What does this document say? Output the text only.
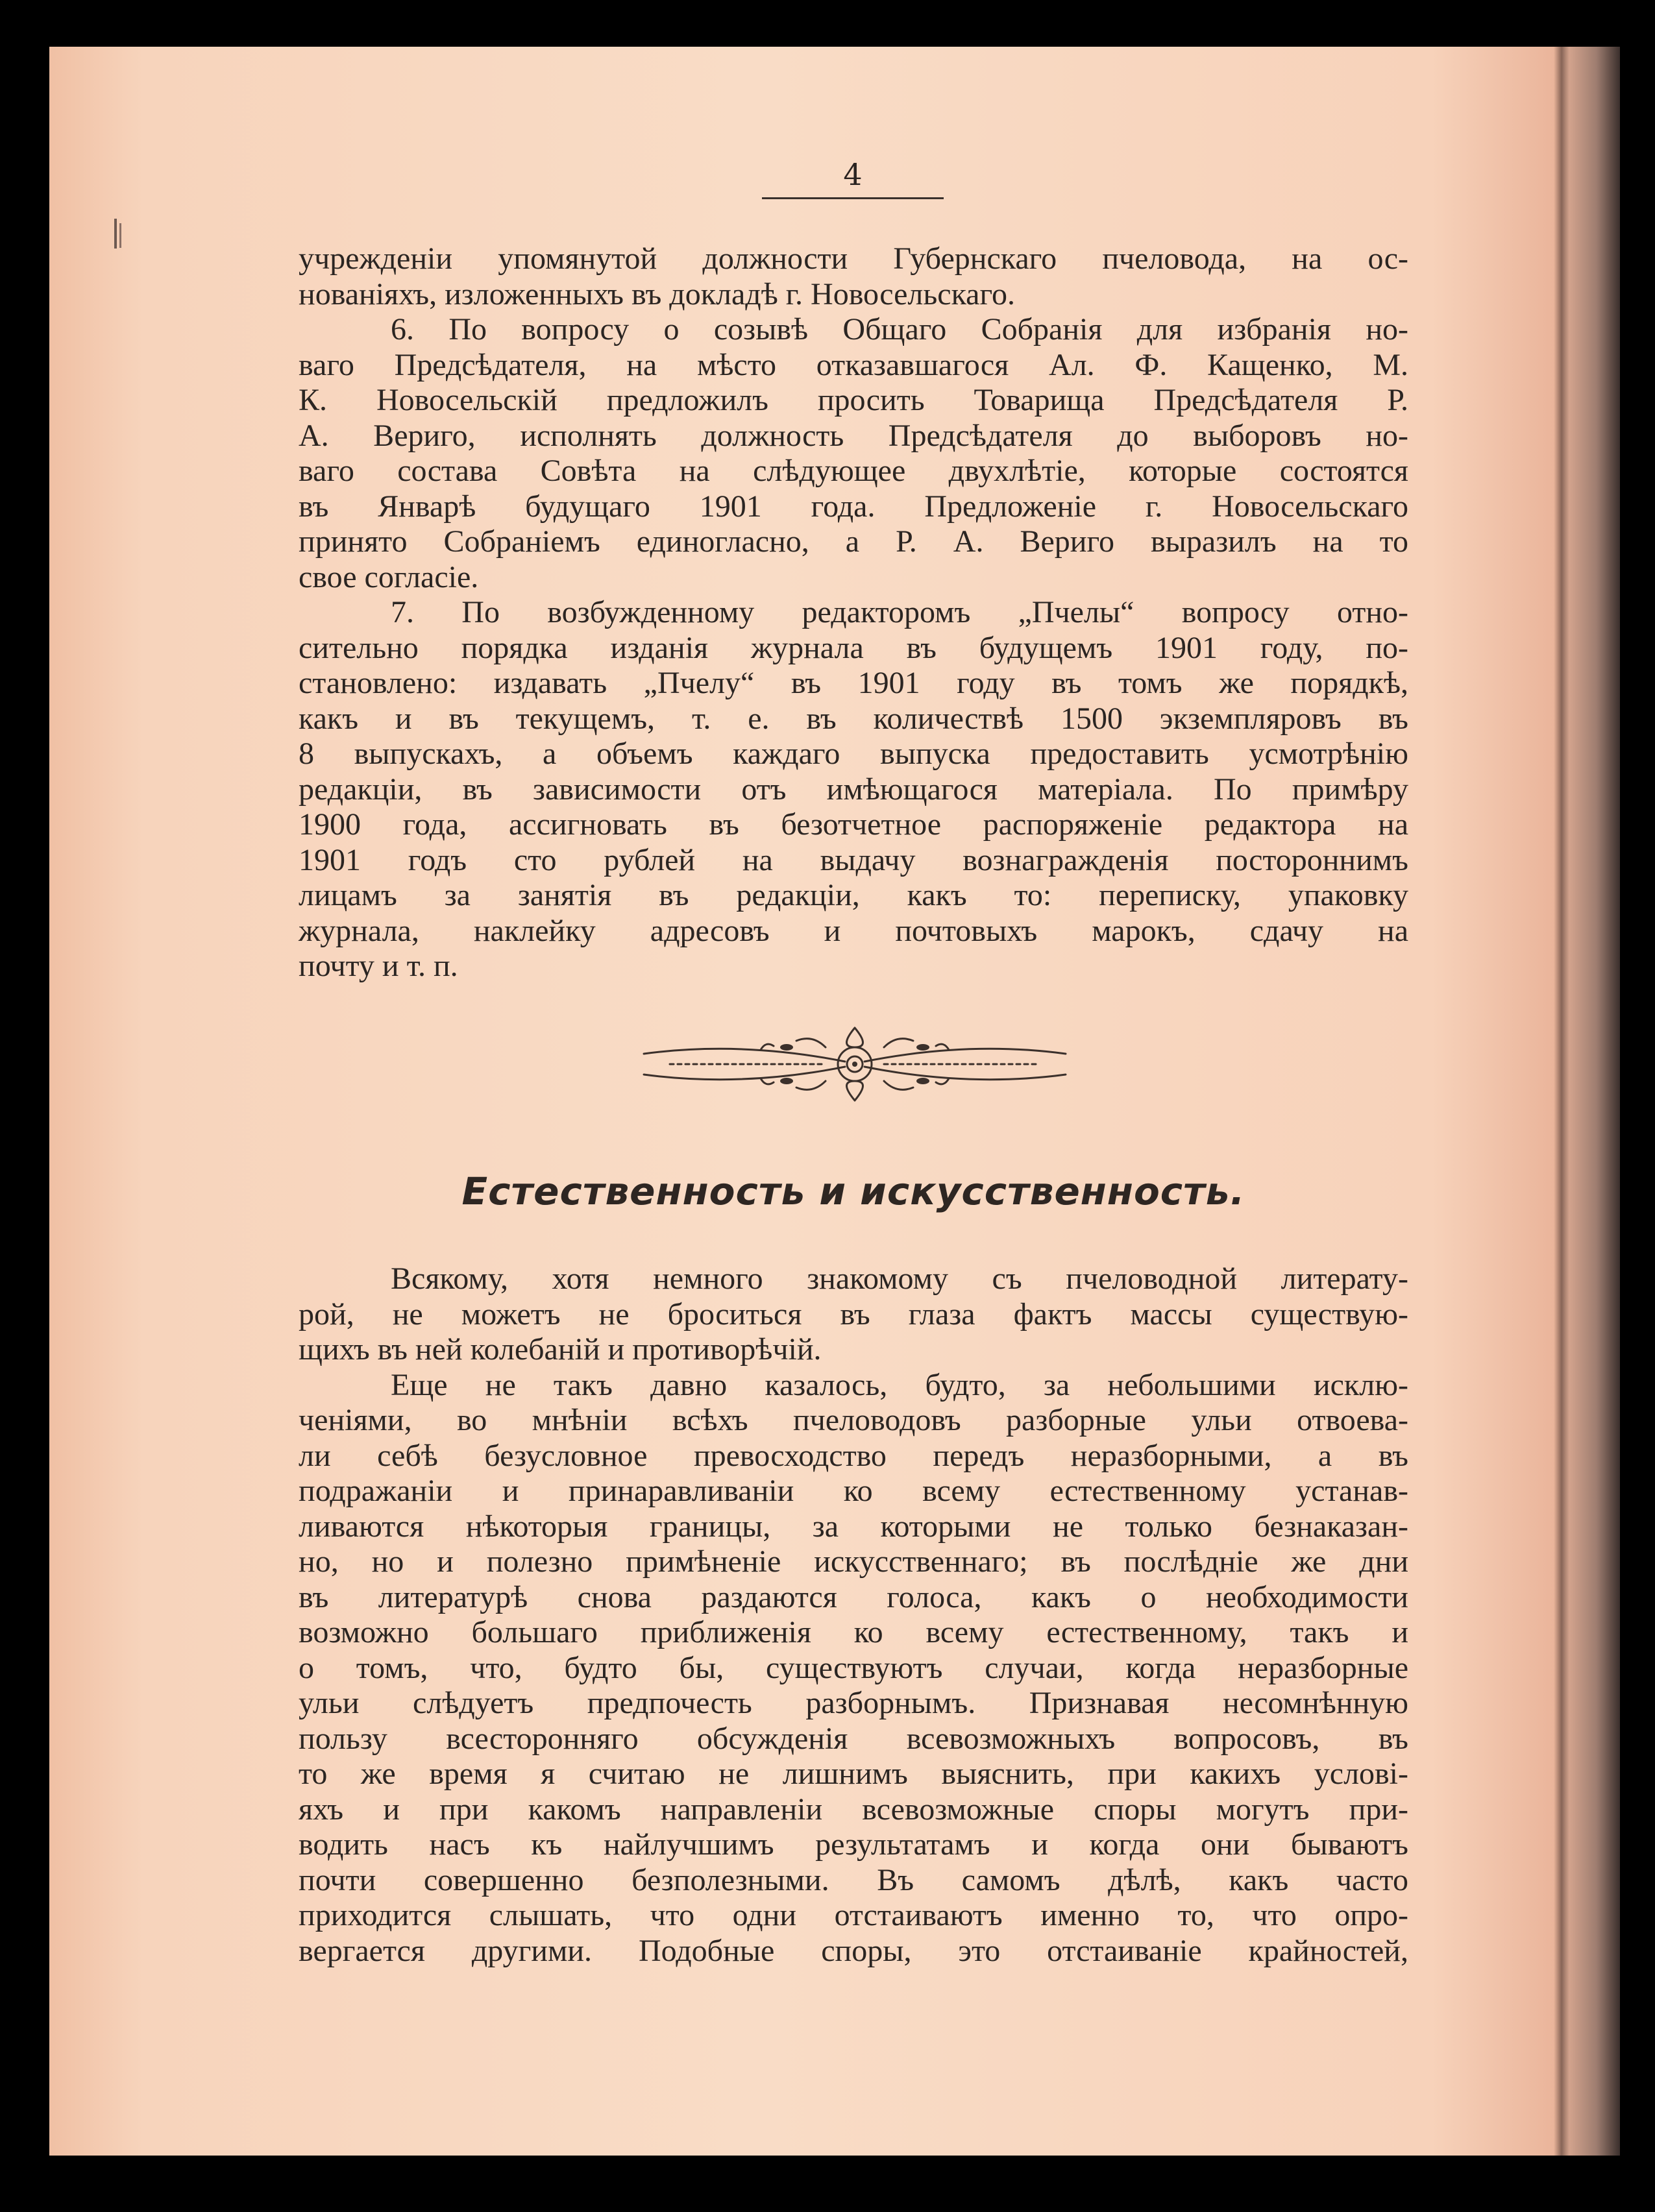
4
учрежденіи упомянутой должности Губернскаго пчеловода, на ос-
нованіяхъ, изложенныхъ въ докладѣ г. Новосельскаго.
6. По вопросу о созывѣ Общаго Собранія для избранія но-
ваго Предсѣдателя, на мѣсто отказавшагося Ал. Ф. Кащенко, М.
К. Новосельскій предложилъ просить Товарища Предсѣдателя Р.
А. Вериго, исполнять должность Предсѣдателя до выборовъ но-
ваго состава Совѣта на слѣдующее двухлѣтіе, которые состоятся
въ Январѣ будущаго 1901 года. Предложеніе г. Новосельскаго
принято Собраніемъ единогласно, а Р. А. Вериго выразилъ на то
свое согласіе.
7. По возбужденному редакторомъ „Пчелы“ вопросу отно-
сительно порядка изданія журнала въ будущемъ 1901 году, по-
становлено: издавать „Пчелу“ въ 1901 году въ томъ же порядкѣ,
какъ и въ текущемъ, т. е. въ количествѣ 1500 экземпляровъ въ
8 выпускахъ, а объемъ каждаго выпуска предоставить усмотрѣнію
редакціи, въ зависимости отъ имѣющагося матеріала. По примѣру
1900 года, ассигновать въ безотчетное распоряженіе редактора на
1901 годъ сто рублей на выдачу вознагражденія постороннимъ
лицамъ за занятія въ редакціи, какъ то: переписку, упаковку
журнала, наклейку адресовъ и почтовыхъ марокъ, сдачу на
почту и т. п.
Естественность и искусственность.
Всякому, хотя немного знакомому съ пчеловодной литерату-
рой, не можетъ не броситься въ глаза фактъ массы существую-
щихъ въ ней колебаній и противорѣчій.
Еще не такъ давно казалось, будто, за небольшими исклю-
ченіями, во мнѣніи всѣхъ пчеловодовъ разборные ульи отвоева-
ли себѣ безусловное превосходство передъ неразборными, а въ
подражаніи и принаравливаніи ко всему естественному устанав-
ливаются нѣкоторыя границы, за которыми не только безнаказан-
но, но и полезно примѣненіе искусственнаго; въ послѣдніе же дни
въ литературѣ снова раздаются голоса, какъ о необходимости
возможно большаго приближенія ко всему естественному, такъ и
о томъ, что, будто бы, существуютъ случаи, когда неразборные
ульи слѣдуетъ предпочесть разборнымъ. Признавая несомнѣнную
пользу всесторонняго обсужденія всевозможныхъ вопросовъ, въ
то же время я считаю не лишнимъ выяснить, при какихъ услові-
яхъ и при какомъ направленіи всевозможные споры могутъ при-
водить насъ къ найлучшимъ результатамъ и когда они бываютъ
почти совершенно безполезными. Въ самомъ дѣлѣ, какъ часто
приходится слышать, что одни отстаиваютъ именно то, что опро-
вергается другими. Подобные споры, это отстаиваніе крайностей,
